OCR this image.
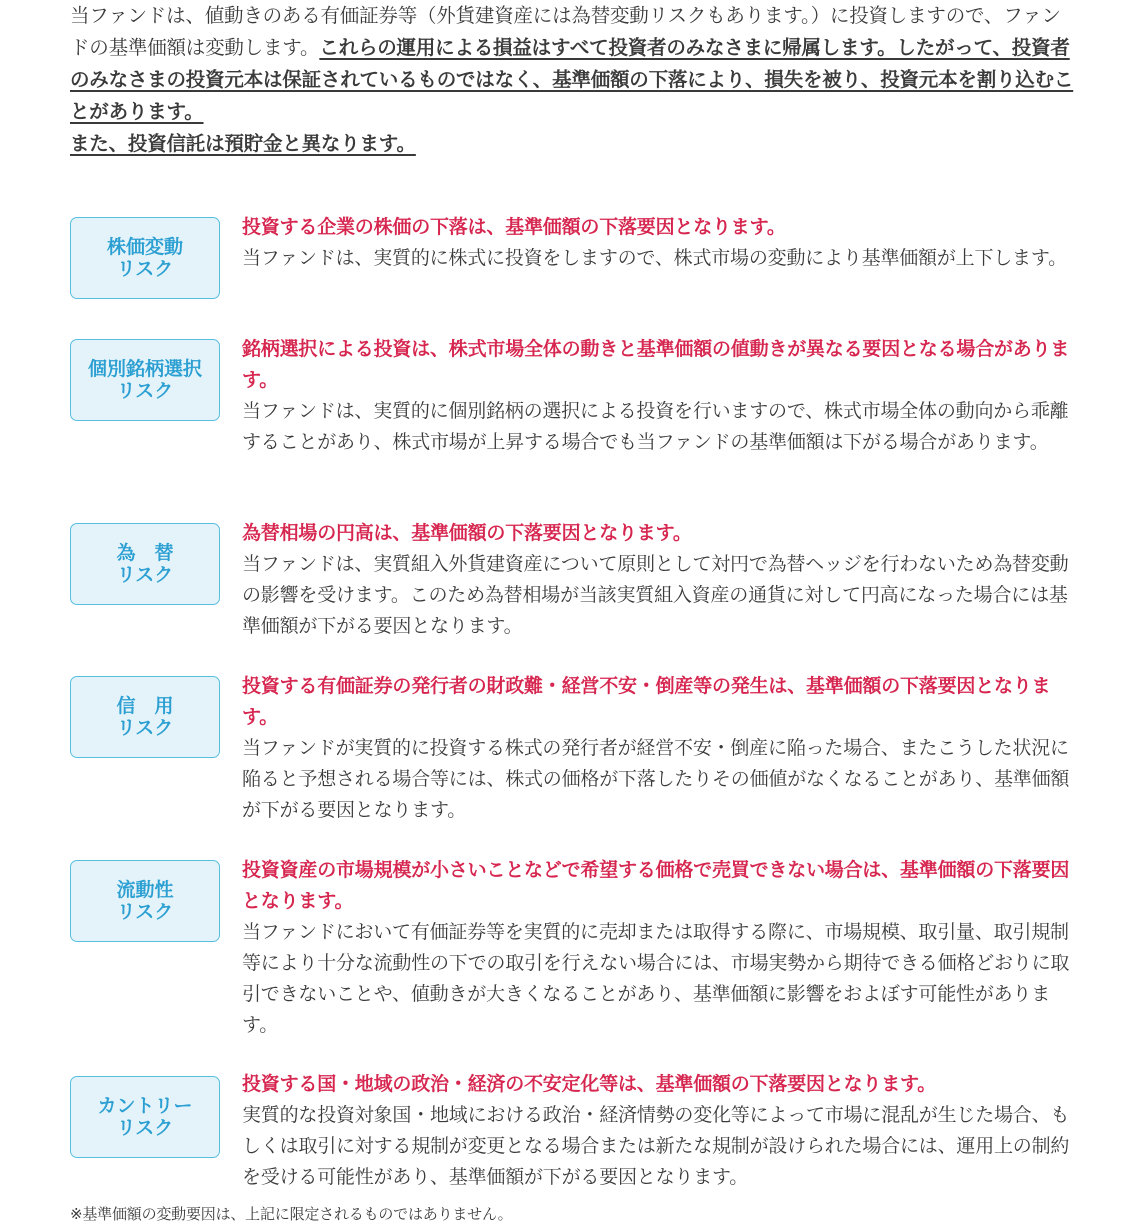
当ファンドは、値動きのある有価証券等（外貨建資産には為替変動リスクもあります。）に投資しますので、ファンドの基準価額は変動します。これらの運用による損益はすべて投資者のみなさまに帰属します。したがって、投資者のみなさまの投資元本は保証されているものではなく、基準価額の下落により、損失を被り、投資元本を割り込むことがあります。
また、投資信託は預貯金と異なります。
株価変動
リスク
投資する企業の株価の下落は、基準価額の下落要因となります。
当ファンドは、実質的に株式に投資をしますので、株式市場の変動により基準価額が上下します。
個別銘柄選択
リスク
銘柄選択による投資は、株式市場全体の動きと基準価額の値動きが異なる要因となる場合があります。
当ファンドは、実質的に個別銘柄の選択による投資を行いますので、株式市場全体の動向から乖離することがあり、株式市場が上昇する場合でも当ファンドの基準価額は下がる場合があります。
為　替
リスク
為替相場の円高は、基準価額の下落要因となります。
当ファンドは、実質組入外貨建資産について原則として対円で為替ヘッジを行わないため為替変動の影響を受けます。このため為替相場が当該実質組入資産の通貨に対して円高になった場合には基準価額が下がる要因となります。
信　用
リスク
投資する有価証券の発行者の財政難・経営不安・倒産等の発生は、基準価額の下落要因となります。
当ファンドが実質的に投資する株式の発行者が経営不安・倒産に陥った場合、またこうした状況に陥ると予想される場合等には、株式の価格が下落したりその価値がなくなることがあり、基準価額が下がる要因となります。
流動性
リスク
投資資産の市場規模が小さいことなどで希望する価格で売買できない場合は、基準価額の下落要因となります。
当ファンドにおいて有価証券等を実質的に売却または取得する際に、市場規模、取引量、取引規制等により十分な流動性の下での取引を行えない場合には、市場実勢から期待できる価格どおりに取引できないことや、値動きが大きくなることがあり、基準価額に影響をおよぼす可能性があります。
カントリー
リスク
投資する国・地域の政治・経済の不安定化等は、基準価額の下落要因となります。
実質的な投資対象国・地域における政治・経済情勢の変化等によって市場に混乱が生じた場合、もしくは取引に対する規制が変更となる場合または新たな規制が設けられた場合には、運用上の制約を受ける可能性があり、基準価額が下がる要因となります。
※基準価額の変動要因は、上記に限定されるものではありません。
